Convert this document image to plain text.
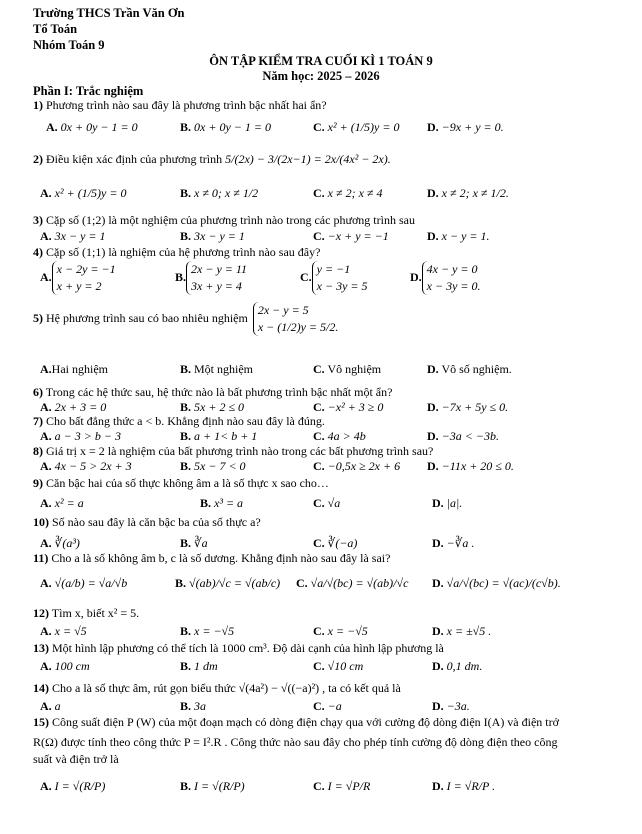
Trường THCS Trần Văn Ơn
Tổ Toán
Nhóm Toán 9
ÔN TẬP KIỂM TRA CUỐI KÌ 1 TOÁN 9
Năm học: 2025 – 2026
Phần I: Trắc nghiệm
1) Phương trình nào sau đây là phương trình bậc nhất hai ẩn?
A. 0x + 0y − 1 = 0	B. 0x + 0y − 1 = 0	C. x² + (1/5)y = 0 D. −9x + y = 0.
2) Điều kiện xác định của phương trình 5/(2x) − 3/(2x−1) = 2x/(4x² − 2x).
A. x² + (1/5)y = 0	B. x ≠ 0; x ≠ 1/2	C. x ≠ 2; x ≠ 4	D. x ≠ 2; x ≠ 1/2.
3) Cặp số (1;2) là một nghiệm của phương trình nào trong các phương trình sau
A. 3x − y = 1	B. 3x − y = 1	C. −x + y = −1	D. x − y = 1.
4) Cặp số (1;1) là nghiệm của hệ phương trình nào sau đây?
A.x − 2y = −1
x + y = 2
B.2x − y = 11
3x + y = 4
C.y = −1
x − 3y = 5
D.4x − y = 0
x − 3y = 0.
5) Hệ phương trình sau có bao nhiêu nghiệm 2x − y = 5
x − (1/2)y = 5/2.
A.Hai nghiệm	B. Một nghiệm	C. Vô nghiệm	D. Vô số nghiệm.
6) Trong các hệ thức sau, hệ thức nào là bất phương trình bậc nhất một ẩn?
A. 2x + 3 = 0	B. 5x + 2 ≤ 0	C. −x² + 3 ≥ 0	D. −7x + 5y ≤ 0.
7) Cho bất đẳng thức a < b. Khẳng định nào sau đây là đúng.
A. a − 3 > b − 3	B. a + 1< b + 1	C. 4a > 4b	D. −3a < −3b.
8) Giá trị x = 2 là nghiệm của bất phương trình nào trong các bất phương trình sau?
A. 4x − 5 > 2x + 3	B. 5x − 7 < 0	C. −0,5x ≥ 2x + 6 D. −11x + 20 ≤ 0.
9) Căn bậc hai của số thực không âm a là số thực x sao cho…
A. x² = a	B. x³ = a	C. √a	D. |a|.
10) Số nào sau đây là căn bậc ba của số thực a?
A. ∛(a³)	B. ∛a	C. ∛(−a)	D. −∛a .
11) Cho a là số không âm b, c là số dương. Khẳng định nào sau đây là sai?
A. √(a/b) = √a/√b	B. √(ab)/√c = √(ab/c) C. √a/√(bc) = √(ab)/√c D. √a/√(bc) = √(ac)/(c√b).
12) Tìm x, biết x² = 5.
A. x = √5	B. x = −√5	C. x = −√5	D. x = ±√5 .
13) Một hình lập phương có thể tích là 1000 cm³. Độ dài cạnh của hình lập phương là
A. 100 cm	B. 1 dm	C. √10 cm	D. 0,1 dm.
14) Cho a là số thực âm, rút gọn biểu thức √(4a²) − √((−a)²) , ta có kết quả là
A. a	B. 3a	C. −a	D. −3a.
15) Công suất điện P (W) của một đoạn mạch có dòng điện chạy qua với cường độ dòng điện I(A) và điện trở
R(Ω) được tính theo công thức P = I².R . Công thức nào sau đây cho phép tính cường độ dòng điện theo công
suất và điện trở là
A. I = √(R/P)	B. I = √(R/P)	C. I = √P/R	D. I = √R/P .
